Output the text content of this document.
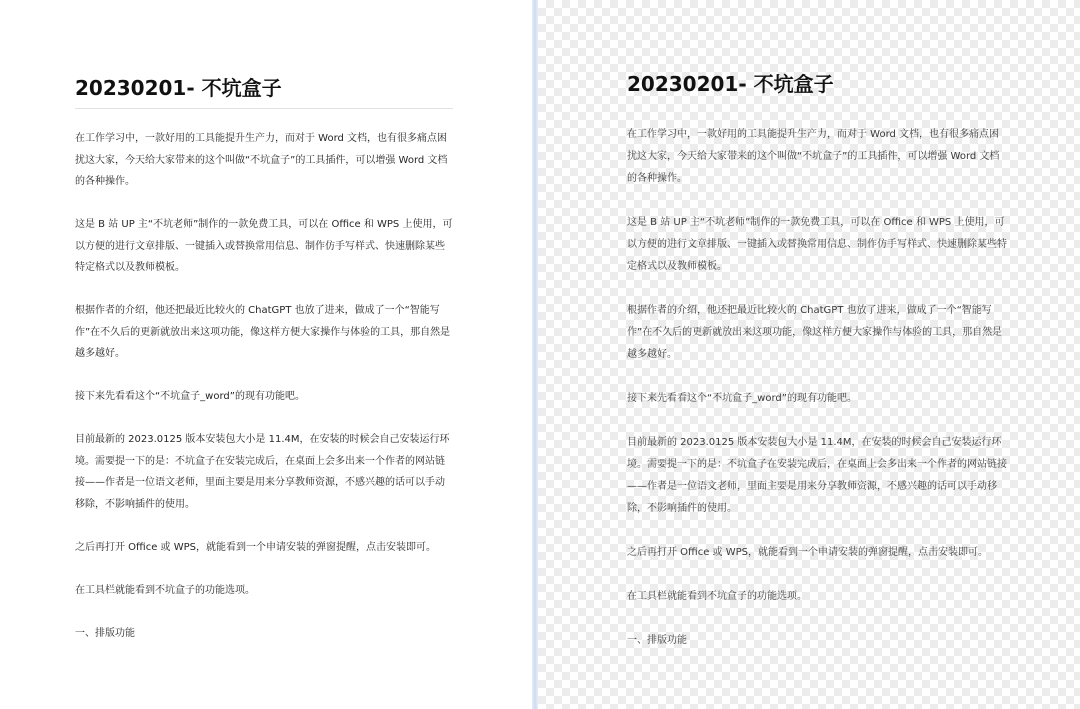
20230201- 不坑盒子

在工作学习中，一款好用的工具能提升生产力，而对于 Word 文档，也有很多痛点困扰这大家，今天给大家带来的这个叫做“不坑盒子”的工具插件，可以增强 Word 文档的各种操作。

这是 B 站 UP 主“不坑老师”制作的一款免费工具，可以在 Office 和 WPS 上使用，可以方便的进行文章排版、一键插入或替换常用信息、制作仿手写样式、快速删除某些特定格式以及教师模板。

根据作者的介绍，他还把最近比较火的 ChatGPT 也放了进来，做成了一个“智能写作”在不久后的更新就放出来这项功能，像这样方便大家操作与体验的工具，那自然是越多越好。

接下来先看看这个“不坑盒子_word”的现有功能吧。

目前最新的 2023.0125 版本安装包大小是 11.4M，在安装的时候会自己安装运行环境。需要提一下的是：不坑盒子在安装完成后，在桌面上会多出来一个作者的网站链接——作者是一位语文老师，里面主要是用来分享教师资源，不感兴趣的话可以手动移除，不影响插件的使用。

之后再打开 Office 或 WPS，就能看到一个申请安装的弹窗提醒，点击安装即可。

在工具栏就能看到不坑盒子的功能选项。

一、排版功能

20230201- 不坑盒子

在工作学习中，一款好用的工具能提升生产力，而对于 Word 文档，也有很多痛点困扰这大家，今天给大家带来的这个叫做“不坑盒子”的工具插件，可以增强 Word 文档的各种操作。

这是 B 站 UP 主“不坑老师”制作的一款免费工具，可以在 Office 和 WPS 上使用，可以方便的进行文章排版、一键插入或替换常用信息、制作仿手写样式、快速删除某些特定格式以及教师模板。

根据作者的介绍，他还把最近比较火的 ChatGPT 也放了进来，做成了一个“智能写作”在不久后的更新就放出来这项功能，像这样方便大家操作与体验的工具，那自然是越多越好。

接下来先看看这个“不坑盒子_word”的现有功能吧。

目前最新的 2023.0125 版本安装包大小是 11.4M，在安装的时候会自己安装运行环境。需要提一下的是：不坑盒子在安装完成后，在桌面上会多出来一个作者的网站链接——作者是一位语文老师，里面主要是用来分享教师资源，不感兴趣的话可以手动移除，不影响插件的使用。

之后再打开 Office 或 WPS，就能看到一个申请安装的弹窗提醒，点击安装即可。

在工具栏就能看到不坑盒子的功能选项。

一、排版功能
